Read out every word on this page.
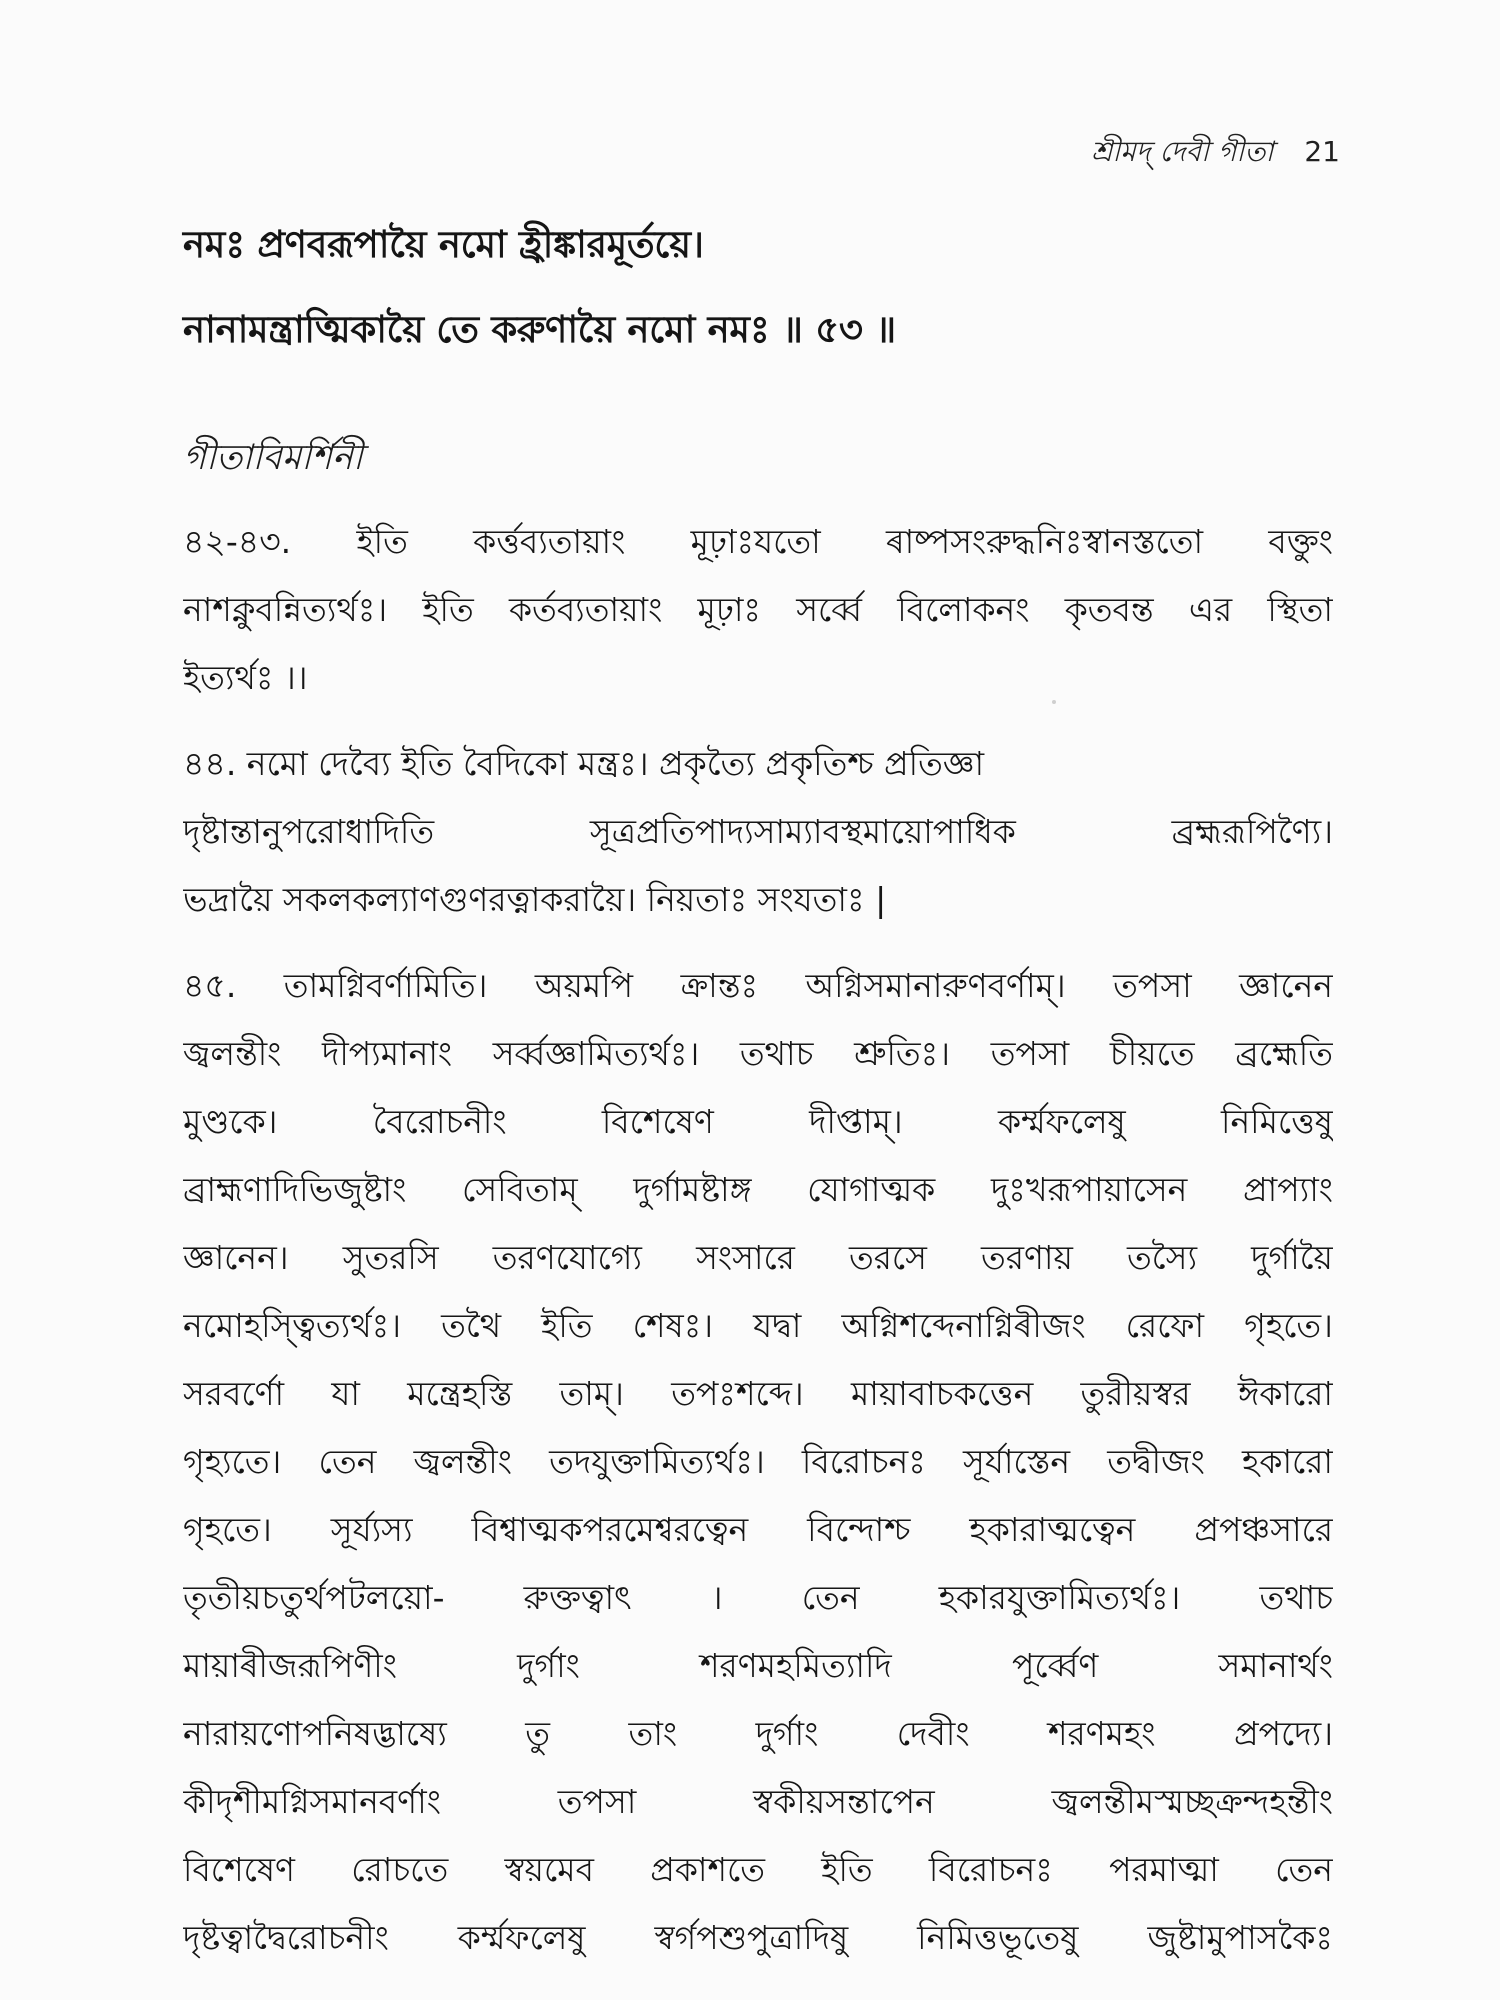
শ্রীমদ্ দেবী গীতা 21
নমঃ প্রণবরূপায়ৈ নমো হ্রীঙ্কারমূর্তয়ে।
নানামন্ত্রাত্মিকায়ৈ তে করুণায়ৈ নমো নমঃ ॥ ৫৩ ॥
গীতাবিমর্শিনী
৪২-৪৩. ইতি কর্ত্তব্যতায়াং মূঢ়াঃযতো ৰাষ্পসংরুদ্ধনিঃস্বানস্ততো বক্তুং
নাশক্নুবন্নিত্যর্থঃ। ইতি কর্তব্যতায়াং মূঢ়াঃ সর্ব্বে বিলোকনং কৃতবন্ত এর স্থিতা
ইত্যর্থঃ ।।
৪৪. নমো দেব্যৈ ইতি বৈদিকো মন্ত্রঃ। প্রকৃত্যৈ প্রকৃতিশ্চ প্রতিজ্ঞা
দৃষ্টান্তানুপরোধাদিতি সূত্রপ্রতিপাদ্যসাম্যাবস্থমায়োপাধিক ব্রহ্মরূপিণ্যৈ।
ভদ্রায়ৈ সকলকল্যাণগুণরত্নাকরায়ৈ। নিয়তাঃ সংযতাঃ |
৪৫. তামগ্নিবর্ণামিতি। অয়মপি ক্রান্তঃ অগ্নিসমানারুণবর্ণাম্। তপসা জ্ঞানেন
জ্বলন্তীং দীপ্যমানাং সর্ব্বজ্ঞামিত্যর্থঃ। তথাচ শ্রুতিঃ। তপসা চীয়তে ব্রহ্মেতি
মুণ্ডকে। বৈরোচনীং বিশেষেণ দীপ্তাম্। কর্ম্মফলেষু নিমিত্তেষু
ব্রাহ্মণাদিভিজুষ্টাং সেবিতাম্ দুর্গামষ্টাঙ্গ যোগাত্মক দুঃখরূপায়াসেন প্রাপ্যাং
জ্ঞানেন। সুতরসি তরণযোগ্যে সংসারে তরসে তরণায় তস্যৈ দুর্গায়ৈ
নমোহস্ত্বিত্যর্থঃ। তথৈ ইতি শেষঃ। যদ্বা অগ্নিশব্দেনাগ্নিৰীজং রেফো গৃহতে।
সরবর্ণো যা মন্ত্রেহস্তি তাম্। তপঃশব্দে। মায়াবাচকত্তেন তুরীয়স্বর ঈকারো
গৃহ্যতে। তেন জ্বলন্তীং তদযুক্তামিত্যর্থঃ। বিরোচনঃ সূর্যাস্তেন তদ্বীজং হকারো
গৃহতে। সূর্য্যস্য বিশ্বাত্মকপরমেশ্বরত্বেন বিন্দোশ্চ হকারাত্মত্বেন প্রপঞ্চসারে
তৃতীয়চতুর্থপটলয়ো- রুক্তত্বাৎ । তেন হকারযুক্তামিত্যর্থঃ। তথাচ
মায়াৰীজরূপিণীং দুর্গাং শরণমহমিত্যাদি পূর্ব্বেণ সমানার্থং
নারায়ণোপনিষদ্ভাষ্যে তু তাং দুর্গাং দেবীং শরণমহং প্রপদ্যে।
কীদৃশীমগ্নিসমানবর্ণাং তপসা স্বকীয়সন্তাপেন জ্বলন্তীমস্মচ্ছক্রন্দহন্তীং
বিশেষেণ রোচতে স্বয়মেব প্রকাশতে ইতি বিরোচনঃ পরমাত্মা তেন
দৃষ্টত্বাদ্বৈরোচনীং কর্ম্মফলেষু স্বর্গপশুপুত্রাদিষু নিমিত্তভূতেষু জুষ্টামুপাসকৈঃ
